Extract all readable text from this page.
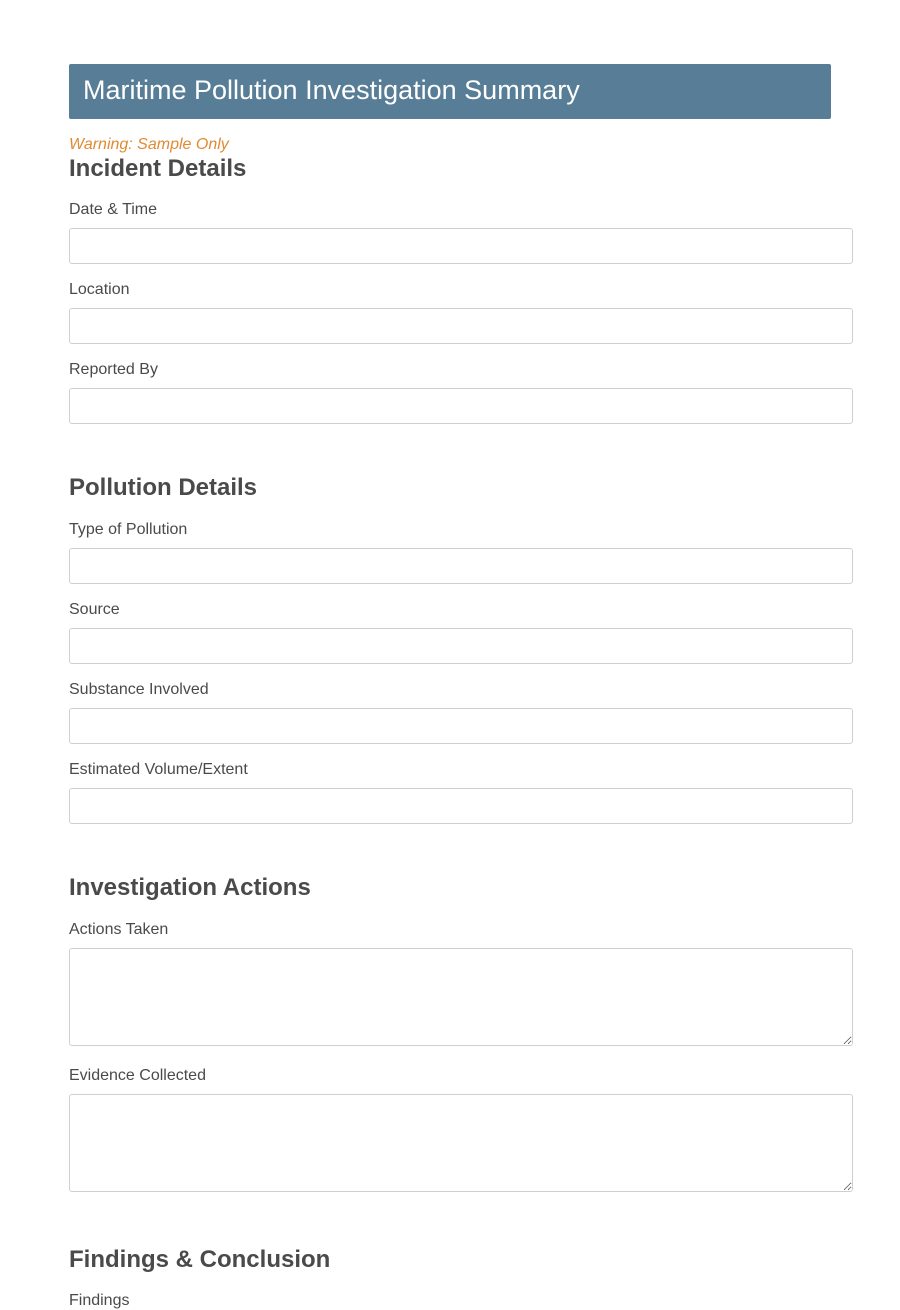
Maritime Pollution Investigation Summary
Warning: Sample Only
Incident Details
Date & Time
Location
Reported By
Pollution Details
Type of Pollution
Source
Substance Involved
Estimated Volume/Extent
Investigation Actions
Actions Taken
Evidence Collected
Findings & Conclusion
Findings
